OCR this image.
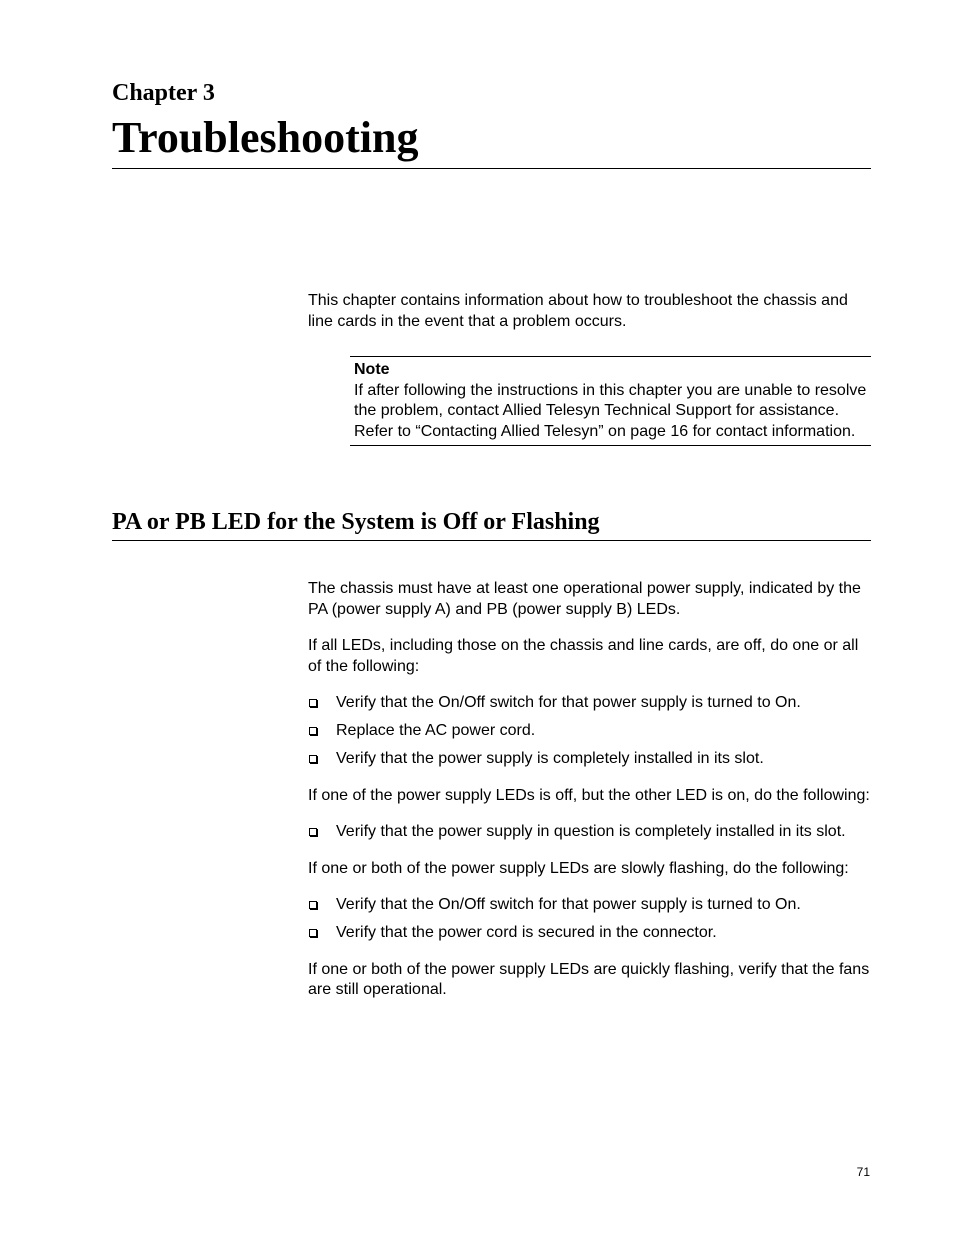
Chapter 3
Troubleshooting

This chapter contains information about how to troubleshoot the chassis and line cards in the event that a problem occurs.

Note

If after following the instructions in this chapter you are unable to resolve the problem, contact Allied Telesyn Technical Support for assistance. Refer to “Contacting Allied Telesyn” on page 16 for contact information.

PA or PB LED for the System is Off or Flashing

The chassis must have at least one operational power supply, indicated by the PA (power supply A) and PB (power supply B) LEDs.

If all LEDs, including those on the chassis and line cards, are off, do one or all of the following:

Verify that the On/Off switch for that power supply is turned to On.
Replace the AC power cord.
Verify that the power supply is completely installed in its slot.

If one of the power supply LEDs is off, but the other LED is on, do the following:

Verify that the power supply in question is completely installed in its slot.

If one or both of the power supply LEDs are slowly flashing, do the following:

Verify that the On/Off switch for that power supply is turned to On.
Verify that the power cord is secured in the connector.

If one or both of the power supply LEDs are quickly flashing, verify that the fans are still operational.

71
